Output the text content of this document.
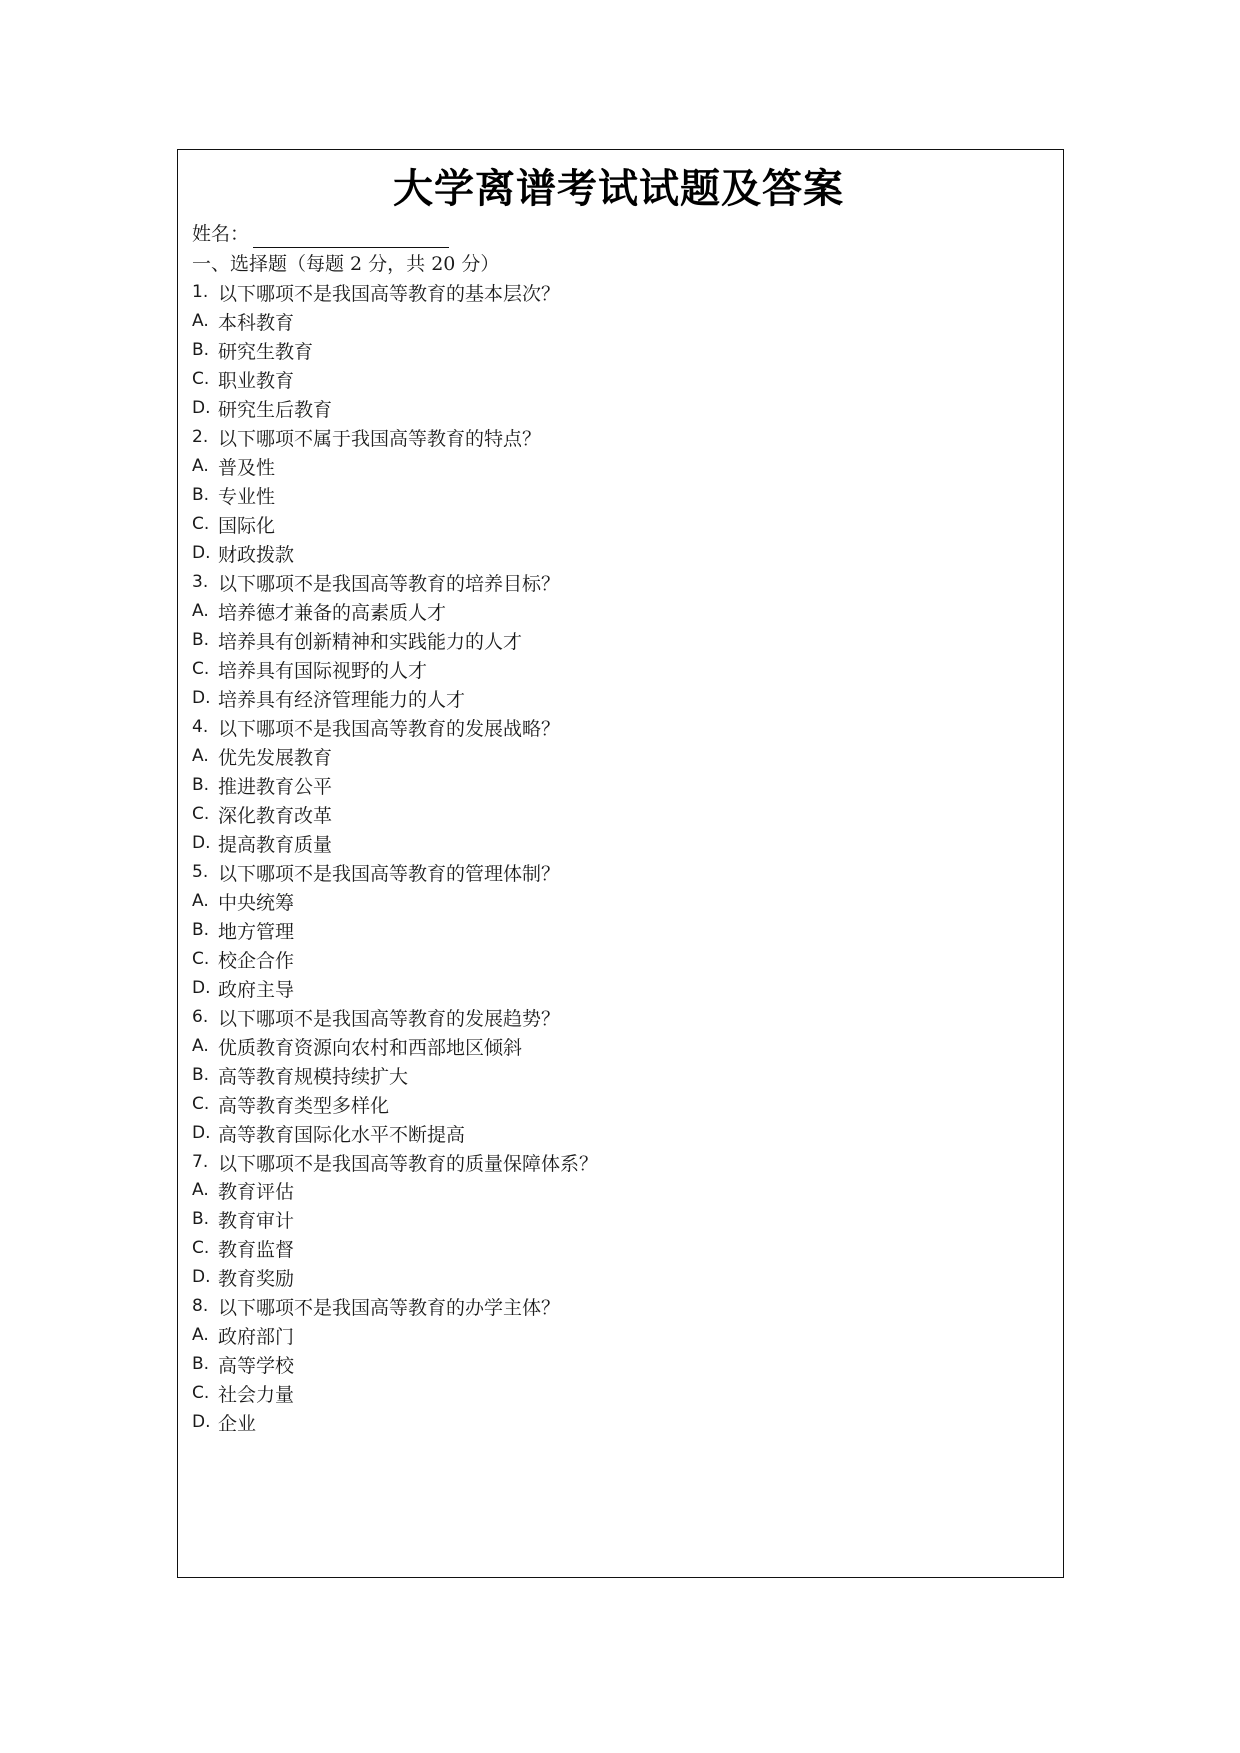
大学离谱考试试题及答案
姓名：
一、选择题（每题 2 分，共 20 分）
1. 以下哪项不是我国高等教育的基本层次？
A. 本科教育
B. 研究生教育
C. 职业教育
D. 研究生后教育
2. 以下哪项不属于我国高等教育的特点？
A. 普及性
B. 专业性
C. 国际化
D. 财政拨款
3. 以下哪项不是我国高等教育的培养目标？
A. 培养德才兼备的高素质人才
B. 培养具有创新精神和实践能力的人才
C. 培养具有国际视野的人才
D. 培养具有经济管理能力的人才
4. 以下哪项不是我国高等教育的发展战略？
A. 优先发展教育
B. 推进教育公平
C. 深化教育改革
D. 提高教育质量
5. 以下哪项不是我国高等教育的管理体制？
A. 中央统筹
B. 地方管理
C. 校企合作
D. 政府主导
6. 以下哪项不是我国高等教育的发展趋势？
A. 优质教育资源向农村和西部地区倾斜
B. 高等教育规模持续扩大
C. 高等教育类型多样化
D. 高等教育国际化水平不断提高
7. 以下哪项不是我国高等教育的质量保障体系？
A. 教育评估
B. 教育审计
C. 教育监督
D. 教育奖励
8. 以下哪项不是我国高等教育的办学主体？
A. 政府部门
B. 高等学校
C. 社会力量
D. 企业
